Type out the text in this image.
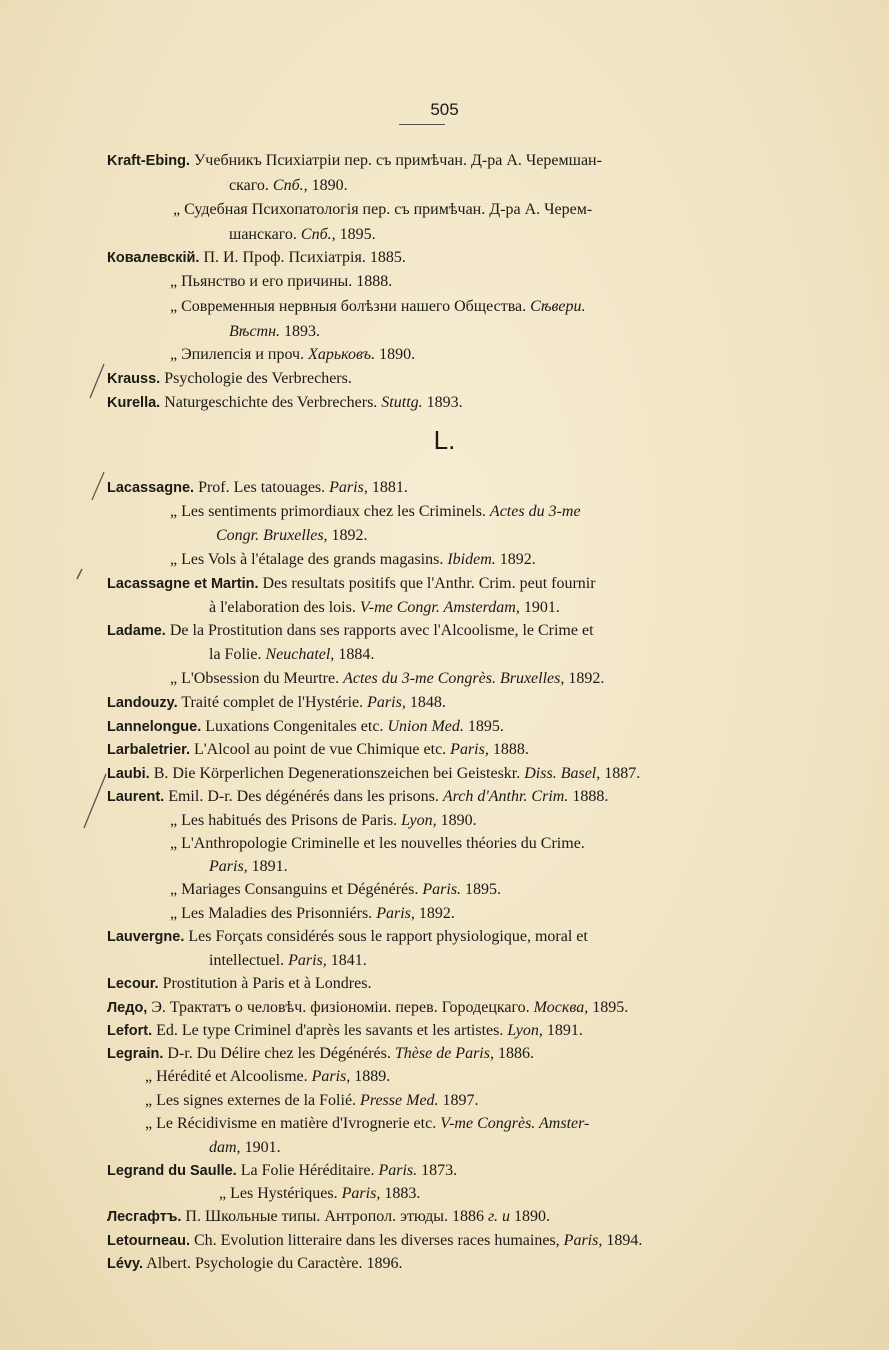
505
L.
Kraft-Ebing. Учебникъ Психіатріи пер. съ примѣчан. Д-ра А. Черемшан-
скаго. Спб., 1890.
„ Судебная Психопатологія пер. съ примѣчан. Д-ра А. Черем-
шанскаго. Спб., 1895.
Ковалевскій. П. И. Проф. Психіатрія. 1885.
„ Пьянство и его причины. 1888.
„ Современныя нервныя болѣзни нашего Общества. Сѣвери.
Вѣстн. 1893.
„ Эпилепсія и проч. Харьковъ. 1890.
Krauss. Psychologie des Verbrechers.
Kurella. Naturgeschichte des Verbrechers. Stuttg. 1893.
Lacassagne. Prof. Les tatouages. Paris, 1881.
„ Les sentiments primordiaux chez les Criminels. Actes du 3-me
Congr. Bruxelles, 1892.
„ Les Vols à l'étalage des grands magasins. Ibidem. 1892.
Lacassagne et Martin. Des resultats positifs que l'Anthr. Crim. peut fournir
à l'elaboration des lois. V-me Congr. Amsterdam, 1901.
Ladame. De la Prostitution dans ses rapports avec l'Alcoolisme, le Crime et
la Folie. Neuchatel, 1884.
„ L'Obsession du Meurtre. Actes du 3-me Congrès. Bruxelles, 1892.
Landouzy. Traité complet de l'Hystérie. Paris, 1848.
Lannelongue. Luxations Congenitales etc. Union Med. 1895.
Larbaletrier. L'Alcool au point de vue Chimique etc. Paris, 1888.
Laubi. B. Die Körperlichen Degenerationszeichen bei Geisteskr. Diss. Basel, 1887.
Laurent. Emil. D-r. Des dégénérés dans les prisons. Arch d'Anthr. Crim. 1888.
„ Les habitués des Prisons de Paris. Lyon, 1890.
„ L'Anthropologie Criminelle et les nouvelles théories du Crime.
Paris, 1891.
„ Mariages Consanguins et Dégénérés. Paris. 1895.
„ Les Maladies des Prisonniérs. Paris, 1892.
Lauvergne. Les Forçats considérés sous le rapport physiologique, moral et
intellectuel. Paris, 1841.
Lecour. Prostitution à Paris et à Londres.
Ледо, Э. Трактатъ о человѣч. физіономіи. перев. Городецкаго. Москва, 1895.
Lefort. Ed. Le type Criminel d'après les savants et les artistes. Lyon, 1891.
Legrain. D-r. Du Délire chez les Dégénérés. Thèse de Paris, 1886.
„ Hérédité et Alcoolisme. Paris, 1889.
„ Les signes externes de la Folié. Presse Med. 1897.
„ Le Récidivisme en matière d'Ivrognerie etc. V-me Congrès. Amster-
dam, 1901.
Legrand du Saulle. La Folie Héréditaire. Paris. 1873.
„ Les Hystériques. Paris, 1883.
Лесгафтъ. П. Школьные типы. Антропол. этюды. 1886 г. и 1890.
Letourneau. Ch. Evolution litteraire dans les diverses races humaines, Paris, 1894.
Lévy. Albert. Psychologie du Caractère. 1896.
